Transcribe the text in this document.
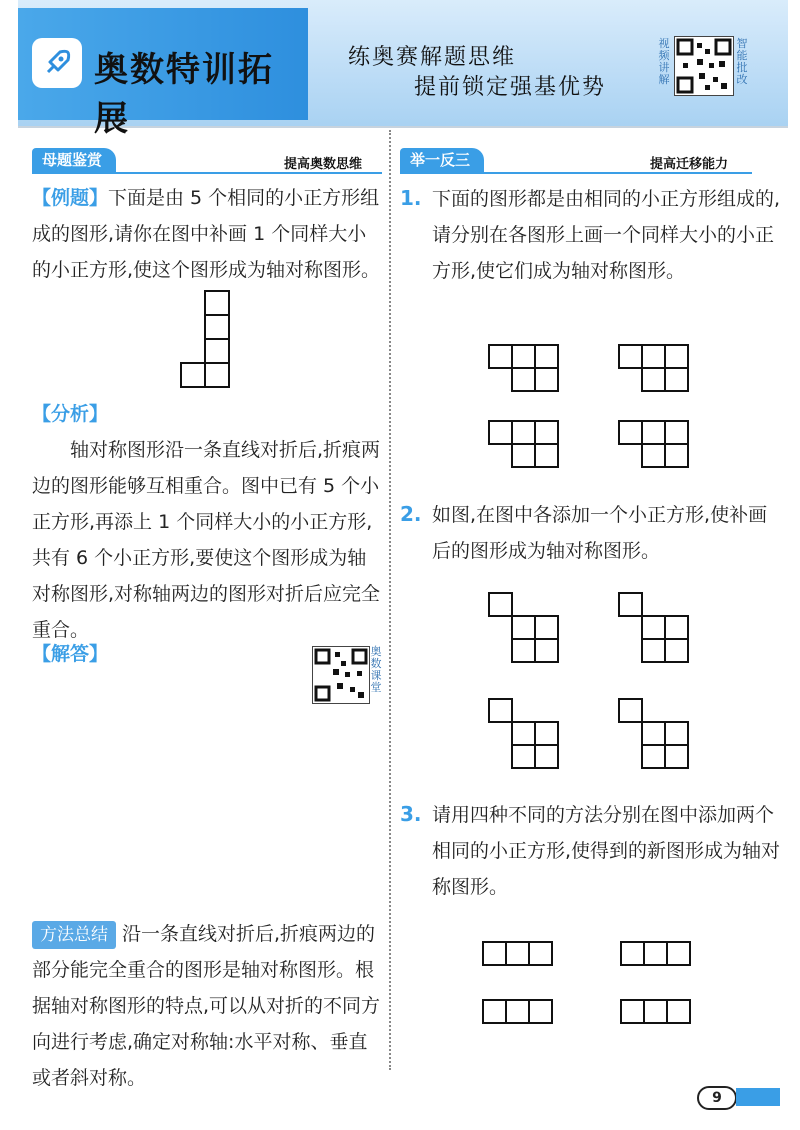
奥数特训拓展
练奥赛解题思维
提前锁定强基优势
视频讲解
智能批改
母题鉴赏	提高奥数思维	举一反三	提高迁移能力
【例题】下面是由 5 个相同的小正方形组成的图形,请你在图中补画 1 个同样大小的小正方形,使这个图形成为轴对称图形。
【分析】
轴对称图形沿一条直线对折后,折痕两边的图形能够互相重合。图中已有 5 个小正方形,再添上 1 个同样大小的小正方形,共有 6 个小正方形,要使这个图形成为轴对称图形,对称轴两边的图形对折后应完全重合。
【解答】	奥数课堂
方法总结 沿一条直线对折后,折痕两边的部分能完全重合的图形是轴对称图形。根据轴对称图形的特点,可以从对折的不同方向进行考虑,确定对称轴:水平对称、垂直或者斜对称。
1. 下面的图形都是由相同的小正方形组成的,请分别在各图形上画一个同样大小的小正方形,使它们成为轴对称图形。
2. 如图,在图中各添加一个小正方形,使补画后的图形成为轴对称图形。
3. 请用四种不同的方法分别在图中添加两个相同的小正方形,使得到的新图形成为轴对称图形。
9
